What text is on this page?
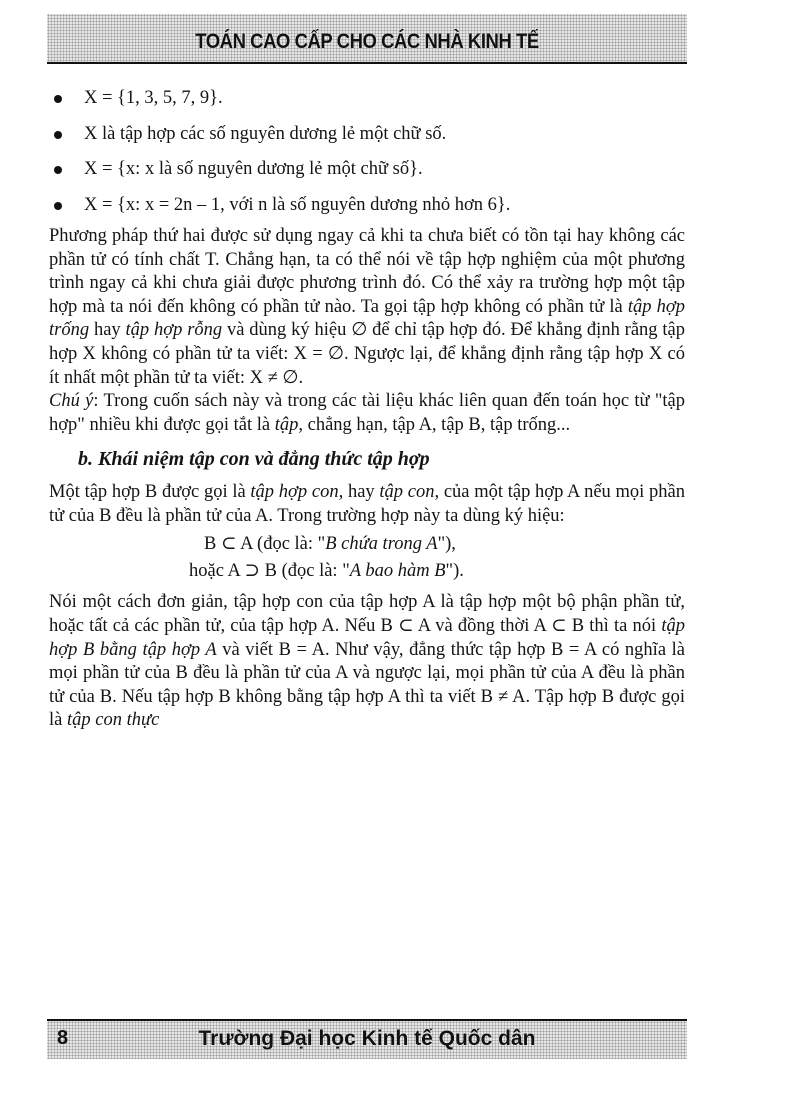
TOÁN CAO CẤP CHO CÁC NHÀ KINH TẾ
X = {1, 3, 5, 7, 9}.
X là tập hợp các số nguyên dương lẻ một chữ số.
X = {x: x là số nguyên dương lẻ một chữ số}.
X = {x: x = 2n – 1, với n là số nguyên dương nhỏ hơn 6}.

Phương pháp thứ hai được sử dụng ngay cả khi ta chưa biết có tồn tại hay không các phần tử có tính chất T. Chẳng hạn, ta có thể nói về tập hợp nghiệm của một phương trình ngay cả khi chưa giải được phương trình đó. Có thể xảy ra trường hợp một tập hợp mà ta nói đến không có phần tử nào. Ta gọi tập hợp không có phần tử là tập hợp trống hay tập hợp rỗng và dùng ký hiệu ∅ để chỉ tập hợp đó. Để khẳng định rằng tập hợp X không có phần tử ta viết: X = ∅. Ngược lại, để khẳng định rằng tập hợp X có ít nhất một phần tử ta viết: X ≠ ∅.

Chú ý: Trong cuốn sách này và trong các tài liệu khác liên quan đến toán học từ "tập hợp" nhiều khi được gọi tắt là tập, chẳng hạn, tập A, tập B, tập trống...

b. Khái niệm tập con và đẳng thức tập hợp

Một tập hợp B được gọi là tập hợp con, hay tập con, của một tập hợp A nếu mọi phần tử của B đều là phần tử của A. Trong trường hợp này ta dùng ký hiệu:

B ⊂ A (đọc là: "B chứa trong A"),
hoặc A ⊃ B (đọc là: "A bao hàm B").

Nói một cách đơn giản, tập hợp con của tập hợp A là tập hợp một bộ phận phần tử, hoặc tất cả các phần tử, của tập hợp A. Nếu B ⊂ A và đồng thời A ⊂ B thì ta nói tập hợp B bằng tập hợp A và viết B = A. Như vậy, đẳng thức tập hợp B = A có nghĩa là mọi phần tử của B đều là phần tử của A và ngược lại, mọi phần tử của A đều là phần tử của B. Nếu tập hợp B không bằng tập hợp A thì ta viết B ≠ A. Tập hợp B được gọi là tập con thực

8	Trường Đại học Kinh tế Quốc dân
